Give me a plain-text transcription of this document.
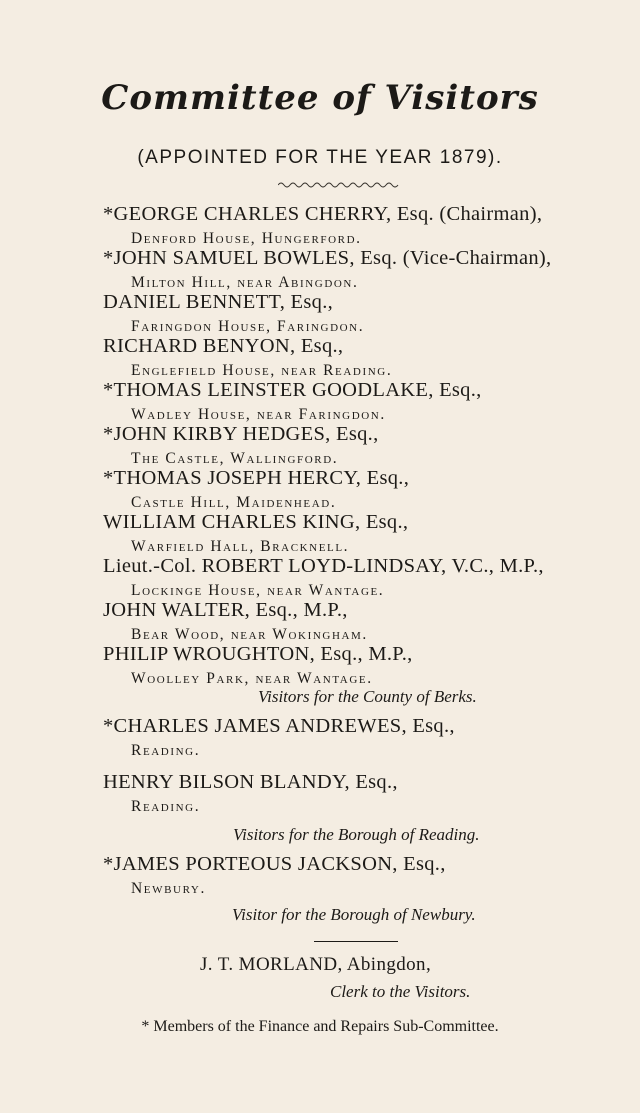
Committee of Visitors
(APPOINTED FOR THE YEAR 1879).
*GEORGE CHARLES CHERRY, Esq. (Chairman),
Denford House, Hungerford.
*JOHN SAMUEL BOWLES, Esq. (Vice-Chairman),
Milton Hill, near Abingdon.
DANIEL BENNETT, Esq.,
Faringdon House, Faringdon.
RICHARD BENYON, Esq.,
Englefield House, near Reading.
*THOMAS LEINSTER GOODLAKE, Esq.,
Wadley House, near Faringdon.
*JOHN KIRBY HEDGES, Esq.,
The Castle, Wallingford.
*THOMAS JOSEPH HERCY, Esq.,
Castle Hill, Maidenhead.
WILLIAM CHARLES KING, Esq.,
Warfield Hall, Bracknell.
Lieut.-Col. ROBERT LOYD-LINDSAY, V.C., M.P.,
Lockinge House, near Wantage.
JOHN WALTER, Esq., M.P.,
Bear Wood, near Wokingham.
PHILIP WROUGHTON, Esq., M.P.,
Woolley Park, near Wantage.
Visitors for the County of Berks.
*CHARLES JAMES ANDREWES, Esq.,
Reading.
HENRY BILSON BLANDY, Esq.,
Reading.
Visitors for the Borough of Reading.
*JAMES PORTEOUS JACKSON, Esq.,
Newbury.
Visitor for the Borough of Newbury.
J. T. MORLAND, Abingdon,
Clerk to the Visitors.
* Members of the Finance and Repairs Sub-Committee.
